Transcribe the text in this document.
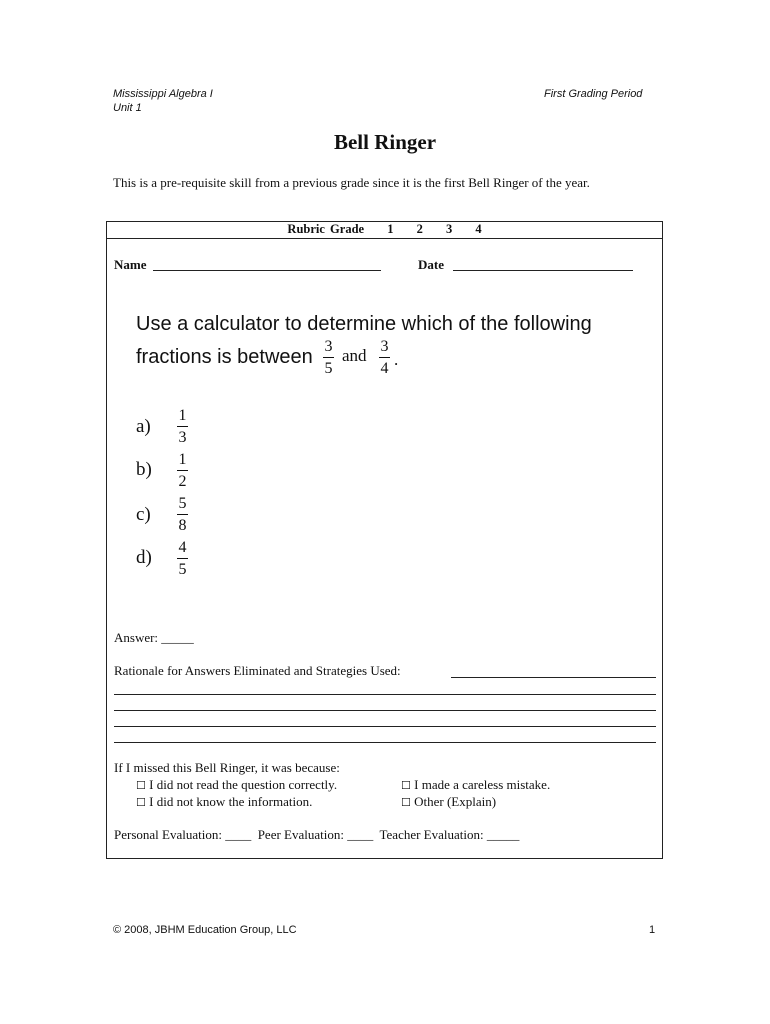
Mississippi Algebra I
Unit 1
First Grading Period
Bell Ringer
This is a pre-requisite skill from a previous grade since it is the first Bell Ringer of the year.
Rubric Grade 1 2 3 4
Name	Date
Use a calculator to determine which of the following
fractions is between 3
5
and 3
4 .
a)
1
3
b) 1
2
c)
5
8
d) 4
5
Answer: _____
Rationale for Answers Eliminated and Strategies Used:
If I missed this Bell Ringer, it was because:
☐ I did not read the question correctly.	☐ I made a careless mistake.
☐ I did not know the information.	☐ Other (Explain)
Personal Evaluation: ____  Peer Evaluation: ____  Teacher Evaluation: _____
© 2008, JBHM Education Group, LLC	1
